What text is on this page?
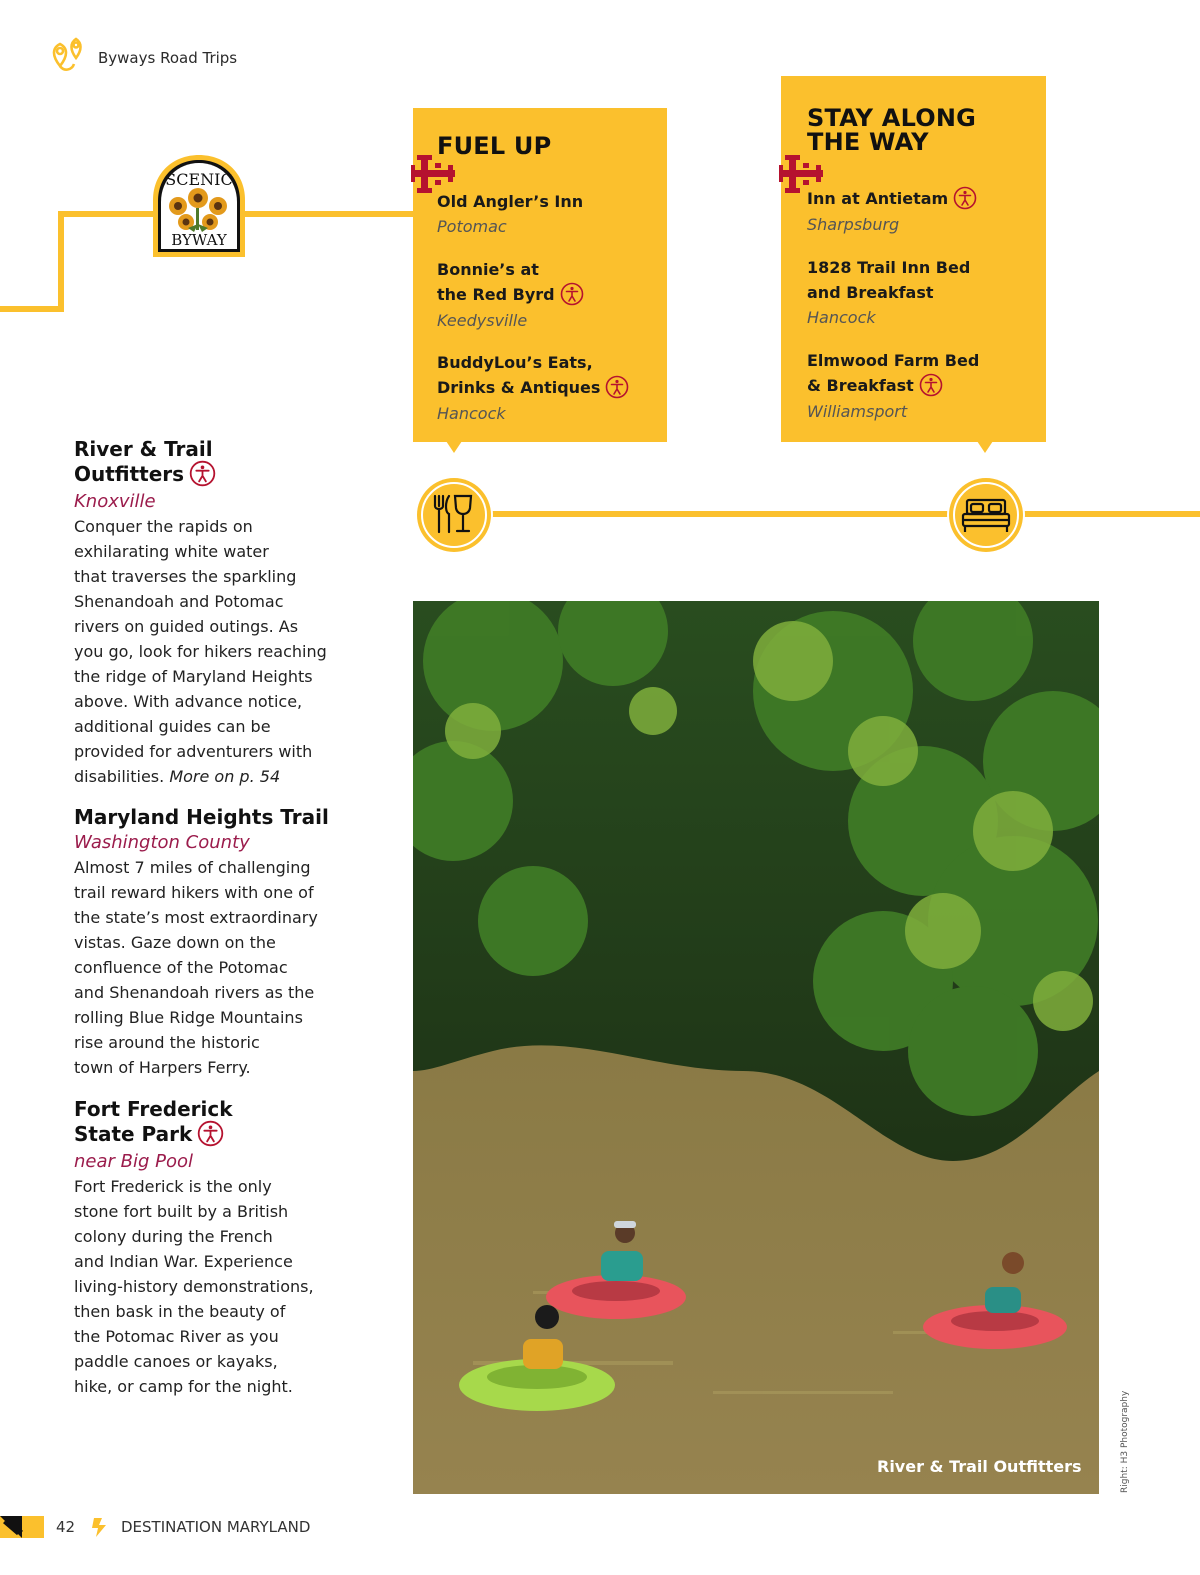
Byways Road Trips
SCENIC
BYWAY
FUEL UP
Old Angler’s Inn
Potomac
Bonnie’s at
the Red Byrd
Keedysville
BuddyLou’s Eats,
Drinks & Antiques
Hancock
STAY ALONG
THE WAY
Inn at Antietam
Sharpsburg
1828 Trail Inn Bed
and Breakfast
Hancock
Elmwood Farm Bed
& Breakfast
Williamsport
River & Trail
Outfitters
Knoxville

Conquer the rapids on
exhilarating white water
that traverses the sparkling
Shenandoah and Potomac
rivers on guided outings. As
you go, look for hikers reaching
the ridge of Maryland Heights
above. With advance notice,
additional guides can be
provided for adventurers with
disabilities. More on p. 54

Maryland Heights Trail
Washington County

Almost 7 miles of challenging
trail reward hikers with one of
the state’s most extraordinary
vistas. Gaze down on the
confluence of the Potomac
and Shenandoah rivers as the
rolling Blue Ridge Mountains
rise around the historic
town of Harpers Ferry.

Fort Frederick
State Park
near Big Pool

Fort Frederick is the only
stone fort built by a British
colony during the French
and Indian War. Experience
living-history demonstrations,
then bask in the beauty of
the Potomac River as you
paddle canoes or kayaks,
hike, or camp for the night.

River & Trail Outfitters	Right: H3 Photography
42	DESTINATION MARYLAND
